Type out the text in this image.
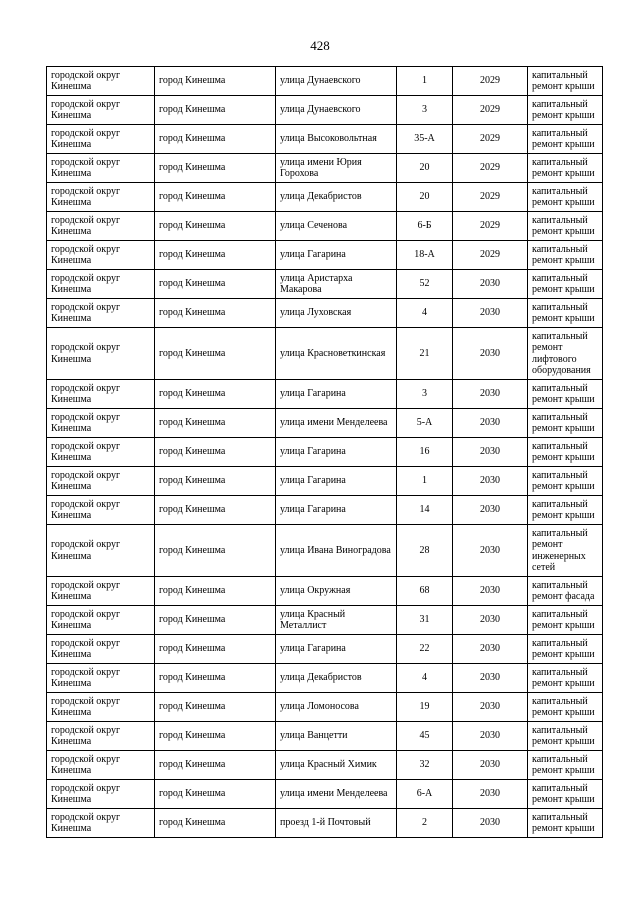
428
городской округ Кинешма	город Кинешма	улица Дунаевского	1	2029	капитальный ремонт крыши
городской округ Кинешма	город Кинешма	улица Дунаевского	3	2029	капитальный ремонт крыши
городской округ Кинешма	город Кинешма	улица Высоковольтная	35-А	2029	капитальный ремонт крыши
городской округ Кинешма	город Кинешма	улица имени Юрия Горохова	20	2029	капитальный ремонт крыши
городской округ Кинешма	город Кинешма	улица Декабристов	20	2029	капитальный ремонт крыши
городской округ Кинешма	город Кинешма	улица Сеченова	6-Б	2029	капитальный ремонт крыши
городской округ Кинешма	город Кинешма	улица Гагарина	18-А	2029	капитальный ремонт крыши
городской округ Кинешма	город Кинешма	улица Аристарха Макарова	52	2030	капитальный ремонт крыши
городской округ Кинешма	город Кинешма	улица Луховская	4	2030	капитальный ремонт крыши
городской округ Кинешма	город Кинешма	улица Красноветкинская	21	2030	капитальный ремонт лифтового оборудования
городской округ Кинешма	город Кинешма	улица Гагарина	3	2030	капитальный ремонт крыши
городской округ Кинешма	город Кинешма	улица имени Менделеева	5-А	2030	капитальный ремонт крыши
городской округ Кинешма	город Кинешма	улица Гагарина	16	2030	капитальный ремонт крыши
городской округ Кинешма	город Кинешма	улица Гагарина	1	2030	капитальный ремонт крыши
городской округ Кинешма	город Кинешма	улица Гагарина	14	2030	капитальный ремонт крыши
городской округ Кинешма	город Кинешма	улица Ивана Виноградова	28	2030	капитальный ремонт инженерных сетей
городской округ Кинешма	город Кинешма	улица Окружная	68	2030	капитальный ремонт фасада
городской округ Кинешма	город Кинешма	улица Красный Металлист	31	2030	капитальный ремонт крыши
городской округ Кинешма	город Кинешма	улица Гагарина	22	2030	капитальный ремонт крыши
городской округ Кинешма	город Кинешма	улица Декабристов	4	2030	капитальный ремонт крыши
городской округ Кинешма	город Кинешма	улица Ломоносова	19	2030	капитальный ремонт крыши
городской округ Кинешма	город Кинешма	улица Ванцетти	45	2030	капитальный ремонт крыши
городской округ Кинешма	город Кинешма	улица Красный Химик	32	2030	капитальный ремонт крыши
городской округ Кинешма	город Кинешма	улица имени Менделеева	6-А	2030	капитальный ремонт крыши
городской округ Кинешма	город Кинешма	проезд 1-й Почтовый	2	2030	капитальный ремонт крыши
